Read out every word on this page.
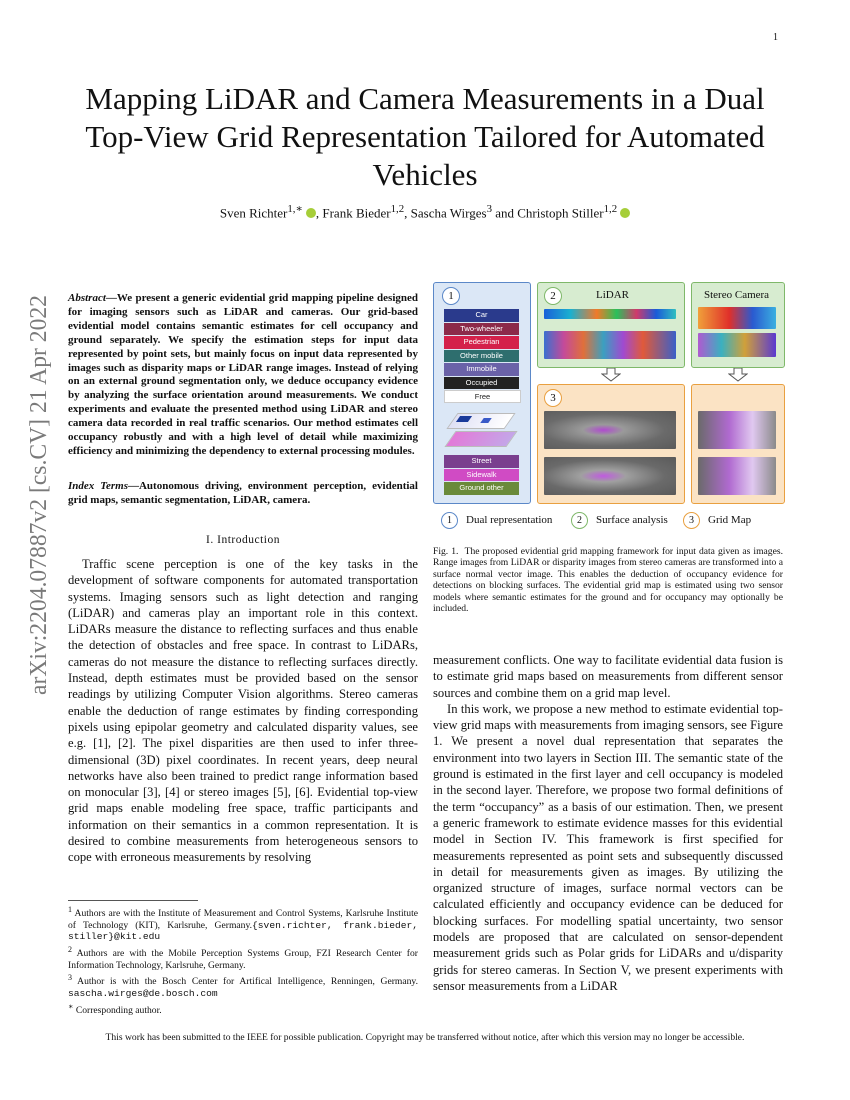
1
arXiv:2204.07887v2 [cs.CV] 21 Apr 2022
Mapping LiDAR and Camera Measurements in a Dual Top-View Grid Representation Tailored for Automated Vehicles
Sven Richter$^{1,∗}$ , Frank Bieder$^{1,2}$, Sascha Wirges$^3$ and Christoph Stiller$^{1,2}$
Abstract—We present a generic evidential grid mapping pipeline designed for imaging sensors such as LiDAR and cameras. Our grid-based evidential model contains semantic estimates for cell occupancy and ground separately. We specify the estimation steps for input data represented by point sets, but mainly focus on input data represented by images such as disparity maps or LiDAR range images. Instead of relying on an external ground segmentation only, we deduce occupancy evidence by analyzing the surface orientation around measurements. We conduct experiments and evaluate the presented method using LiDAR and stereo camera data recorded in real traffic scenarios. Our method estimates cell occupancy robustly and with a high level of detail while maximizing efficiency and minimizing the dependency to external processing modules.
Index Terms—Autonomous driving, environment perception, evidential grid maps, semantic segmentation, LiDAR, camera.
I. Introduction

Traffic scene perception is one of the key tasks in the development of software components for automated transportation systems. Imaging sensors such as light detection and ranging (LiDAR) and cameras play an important role in this context. LiDARs measure the distance to reflecting surfaces and thus enable the detection of obstacles and free space. In contrast to LiDARs, cameras do not measure the distance to reflecting surfaces directly. Instead, depth estimates must be provided based on the sensor readings by utilizing Computer Vision algorithms. Stereo cameras enable the deduction of range estimates by finding corresponding pixels using epipolar geometry and calculated disparity values, see e.g. [1], [2]. The pixel disparities are then used to infer three-dimensional (3D) pixel coordinates. In recent years, deep neural networks have also been trained to predict range information based on monocular [3], [4] or stereo images [5], [6]. Evidential top-view grid maps enable modeling free space, traffic participants and information on their semantics in a common representation. It is desired to combine measurements from heterogeneous sensors to cope with erroneous measurements by resolving

$^1$ Authors are with the Institute of Measurement and Control Systems, Karlsruhe Institute of Technology (KIT), Karlsruhe, Germany.{sven.richter, frank.bieder, stiller}@kit.edu

$^2$ Authors are with the Mobile Perception Systems Group, FZI Research Center for Information Technology, Karlsruhe, Germany.

$^3$ Author is with the Bosch Center for Artifical Intelligence, Renningen, Germany. sascha.wirges@de.bosch.com

∗ Corresponding author.

1
Car
Two-wheeler
Pedestrian
Other mobile
Immobile
Occupied
Free
Street
Sidewalk
Ground other
2	LiDAR	Stereo Camera
3
1 Dual representation	2 Surface analysis	3 Grid Map
Fig. 1. The proposed evidential grid mapping framework for input data given as images. Range images from LiDAR or disparity images from stereo cameras are transformed into a surface normal vector image. This enables the deduction of occupancy evidence for detections on blocking surfaces. The evidential grid map is estimated using two sensor models where semantic estimates for the ground and for occupancy may optionally be included.

measurement conflicts. One way to facilitate evidential data fusion is to estimate grid maps based on measurements from different sensor sources and combine them on a grid map level.

In this work, we propose a new method to estimate evidential top-view grid maps with measurements from imaging sensors, see Figure 1. We present a novel dual representation that separates the environment into two layers in Section III. The semantic state of the ground is estimated in the first layer and cell occupancy is modeled in the second layer. Therefore, we propose two formal definitions of the term “occupancy” as a basis of our estimation. Then, we present a generic framework to estimate evidence masses for this evidential model in Section IV. This framework is first specified for measurements represented as point sets and subsequently discussed in detail for measurements given as images. By utilizing the organized structure of images, surface normal vectors can be calculated efficiently and occupancy evidence can be deduced for blocking surfaces. For modelling spatial uncertainty, two sensor models are proposed that are calculated on sensor-dependent measurement grids such as Polar grids for LiDARs and u/disparity grids for stereo cameras. In Section V, we present experiments with sensor measurements from a LiDAR

This work has been submitted to the IEEE for possible publication. Copyright may be transferred without notice, after which this version may no longer be accessible.
